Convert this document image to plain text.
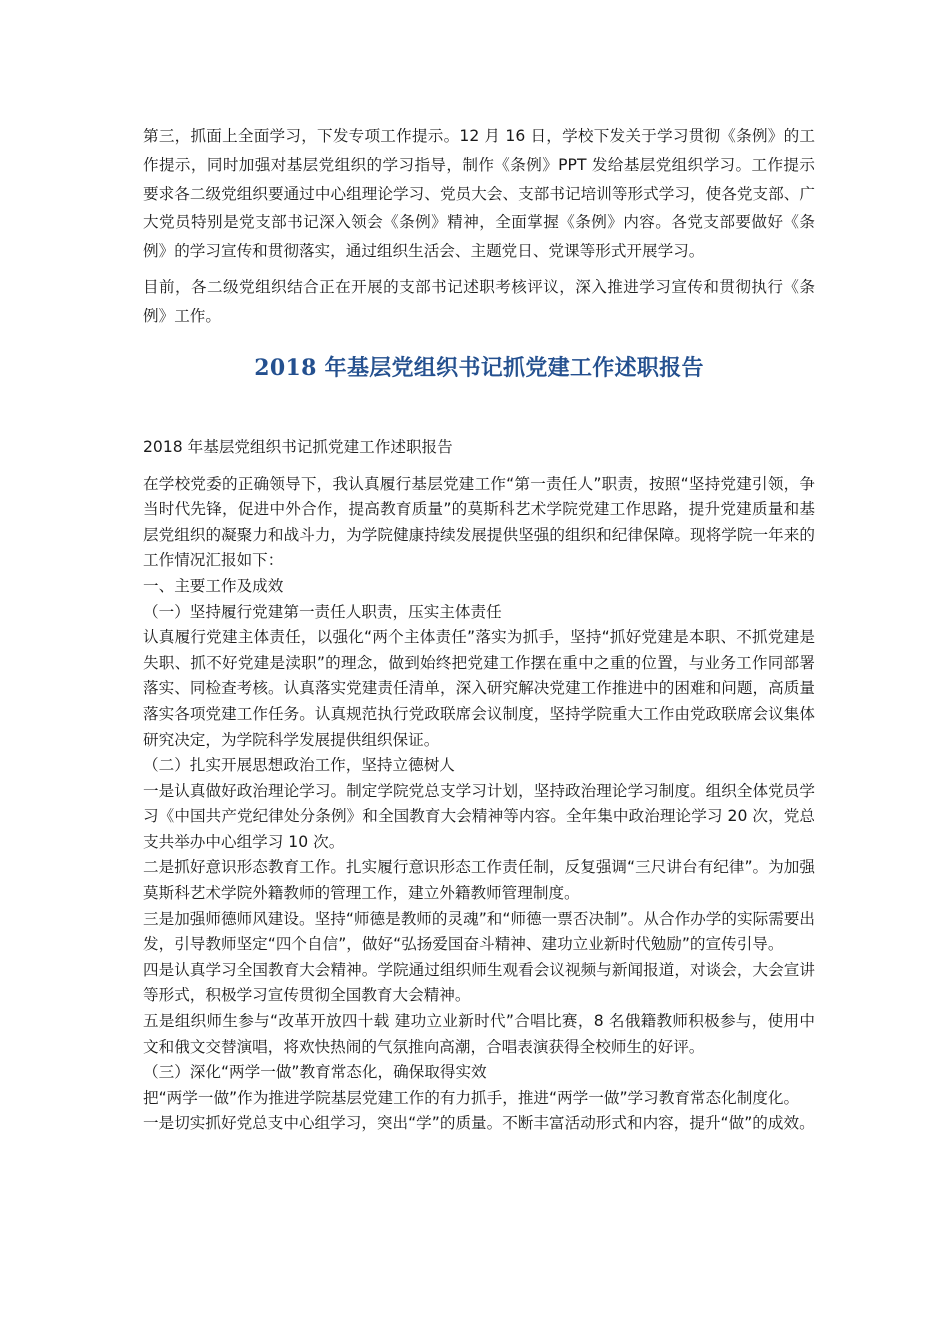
第三，抓面上全面学习，下发专项工作提示。12 月 16 日，学校下发关于学习贯彻《条例》的工作提示，同时加强对基层党组织的学习指导，制作《条例》PPT 发给基层党组织学习。工作提示要求各二级党组织要通过中心组理论学习、党员大会、支部书记培训等形式学习，使各党支部、广大党员特别是党支部书记深入领会《条例》精神，全面掌握《条例》内容。各党支部要做好《条例》的学习宣传和贯彻落实，通过组织生活会、主题党日、党课等形式开展学习。

目前，各二级党组织结合正在开展的支部书记述职考核评议，深入推进学习宣传和贯彻执行《条例》工作。

2018 年基层党组织书记抓党建工作述职报告
2018 年基层党组织书记抓党建工作述职报告

在学校党委的正确领导下，我认真履行基层党建工作“第一责任人”职责，按照“坚持党建引领，争当时代先锋，促进中外合作，提高教育质量”的莫斯科艺术学院党建工作思路，提升党建质量和基层党组织的凝聚力和战斗力，为学院健康持续发展提供坚强的组织和纪律保障。现将学院一年来的工作情况汇报如下：

一、主要工作及成效

（一）坚持履行党建第一责任人职责，压实主体责任

认真履行党建主体责任，以强化“两个主体责任”落实为抓手，坚持“抓好党建是本职、不抓党建是失职、抓不好党建是渎职”的理念，做到始终把党建工作摆在重中之重的位置，与业务工作同部署落实、同检查考核。认真落实党建责任清单，深入研究解决党建工作推进中的困难和问题，高质量落实各项党建工作任务。认真规范执行党政联席会议制度，坚持学院重大工作由党政联席会议集体研究决定，为学院科学发展提供组织保证。

（二）扎实开展思想政治工作，坚持立德树人

一是认真做好政治理论学习。制定学院党总支学习计划，坚持政治理论学习制度。组织全体党员学习《中国共产党纪律处分条例》和全国教育大会精神等内容。全年集中政治理论学习 20 次，党总支共举办中心组学习 10 次。

二是抓好意识形态教育工作。扎实履行意识形态工作责任制，反复强调“三尺讲台有纪律”。为加强莫斯科艺术学院外籍教师的管理工作，建立外籍教师管理制度。

三是加强师德师风建设。坚持“师德是教师的灵魂”和“师德一票否决制”。从合作办学的实际需要出发，引导教师坚定“四个自信”，做好“弘扬爱国奋斗精神、建功立业新时代勉励”的宣传引导。

四是认真学习全国教育大会精神。学院通过组织师生观看会议视频与新闻报道，对谈会，大会宣讲等形式，积极学习宣传贯彻全国教育大会精神。

五是组织师生参与“改革开放四十载 建功立业新时代”合唱比赛，8 名俄籍教师积极参与，使用中文和俄文交替演唱，将欢快热闹的气氛推向高潮，合唱表演获得全校师生的好评。

（三）深化“两学一做”教育常态化，确保取得实效

把“两学一做”作为推进学院基层党建工作的有力抓手，推进“两学一做”学习教育常态化制度化。

一是切实抓好党总支中心组学习，突出“学”的质量。不断丰富活动形式和内容，提升“做”的成效。
